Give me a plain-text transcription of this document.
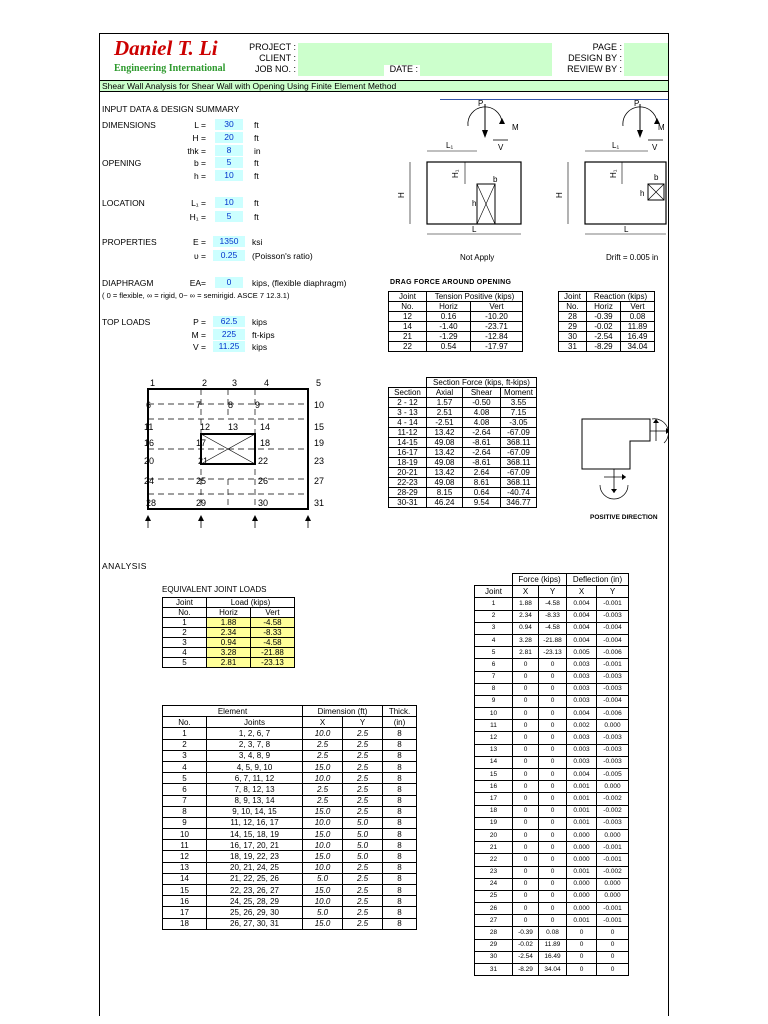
Daniel T. Li
Engineering International
PROJECT :
CLIENT :
JOB NO. :	DATE :
PAGE :
DESIGN BY :
REVIEW BY :
Shear Wall Analysis for Shear Wall with Opening Using Finite Element Method
INPUT DATA & DESIGN SUMMARY
DIMENSIONS	L =	30	ft
H =	20	ft
thk =	8	in
OPENING	b =	5	ft
h =	10	ft
LOCATION	L₁ =	10	ft
H₁ =	5	ft
PROPERTIES	E =	1350	ksi
υ =	0.25	(Poisson's ratio)
DIAPHRAGM	EA=	0	kips, (flexible diaphragm)
( 0 = flexible, ∞ = rigid, 0~ ∞ = semirigid. ASCE 7 12.3.1)
TOP LOADS	P =	62.5	kips
M =	225	ft-kips
V =	11.25	kips
P
M
V
L₁
H₁
b
h
H
L
Not Apply
P
M
V
L₁
H₁	b
h
H
L
Drift = 0.005 in
DRAG FORCE AROUND OPENING
Joint	Tension Positive (kips)	
No.	Horiz	Vert
12	0.16	-10.20
14	-1.40	-23.71
21	-1.29	-12.84
22	0.54	-17.97
Joint	Reaction (kips)	
No.	Horiz	Vert
28	-0.39	0.08
29	-0.02	11.89
30	-2.54	16.49
31	-8.29	34.04
	Section Force (kips, ft-kips)		
Section	Axial	Shear	Moment
2 - 12	1.57	-0.50	3.55
3 - 13	2.51	4.08	7.15
4 - 14	-2.51	4.08	-3.05
11-12	13.42	-2.64	-67.09
14-15	49.08	-8.61	368.11
16-17	13.42	-2.64	-67.09
18-19	49.08	-8.61	368.11
20-21	13.42	2.64	-67.09
22-23	49.08	8.61	368.11
28-29	8.15	0.64	-40.74
30-31	46.24	9.54	346.77
1	2	3	4	5
6	7	8 9	10
11	12 13 14	15
16	17	18	19
20	21	22	23
24	25	26	27
28	29	30	31
POSITIVE DIRECTION
ANALYSIS
EQUIVALENT JOINT LOADS
Joint	Load (kips)	
No.	Horiz	Vert
1	1.88	-4.58
2	2.34	-8.33
3	0.94	-4.58
4	3.28	-21.88
5	2.81	-23.13
Element		Dimension (ft)		Thick.
No.	Joints	X	Y	(in)
1	1, 2, 6, 7	10.0	2.5	8
2	2, 3, 7, 8	2.5	2.5	8
3	3, 4, 8, 9	2.5	2.5	8
4	4, 5, 9, 10	15.0	2.5	8
5	6, 7, 11, 12	10.0	2.5	8
6	7, 8, 12, 13	2.5	2.5	8
7	8, 9, 13, 14	2.5	2.5	8
8	9, 10, 14, 15	15.0	2.5	8
9	11, 12, 16, 17	10.0	5.0	8
10	14, 15, 18, 19	15.0	5.0	8
11	16, 17, 20, 21	10.0	5.0	8
12	18, 19, 22, 23	15.0	5.0	8
13	20, 21, 24, 25	10.0	2.5	8
14	21, 22, 25, 26	5.0	2.5	8
15	22, 23, 26, 27	15.0	2.5	8
16	24, 25, 28, 29	10.0	2.5	8
17	25, 26, 29, 30	5.0	2.5	8
18	26, 27, 30, 31	15.0	2.5	8
	Force (kips)		Deflection (in)	
Joint	X	Y	X	Y
1	1.88	-4.58	0.004	-0.001
2	2.34	-8.33	0.004	-0.003
3	0.94	-4.58	0.004	-0.004
4	3.28	-21.88	0.004	-0.004
5	2.81	-23.13	0.005	-0.006
6	0	0	0.003	-0.001
7	0	0	0.003	-0.003
8	0	0	0.003	-0.003
9	0	0	0.003	-0.004
10	0	0	0.004	-0.006
11	0	0	0.002	0.000
12	0	0	0.003	-0.003
13	0	0	0.003	-0.003
14	0	0	0.003	-0.003
15	0	0	0.004	-0.005
16	0	0	0.001	0.000
17	0	0	0.001	-0.002
18	0	0	0.001	-0.002
19	0	0	0.001	-0.003
20	0	0	0.000	0.000
21	0	0	0.000	-0.001
22	0	0	0.000	-0.001
23	0	0	0.001	-0.002
24	0	0	0.000	0.000
25	0	0	0.000	0.000
26	0	0	0.000	-0.001
27	0	0	0.001	-0.001
28	-0.39	0.08	0	0
29	-0.02	11.89	0	0
30	-2.54	16.49	0	0
31	-8.29	34.04	0	0
